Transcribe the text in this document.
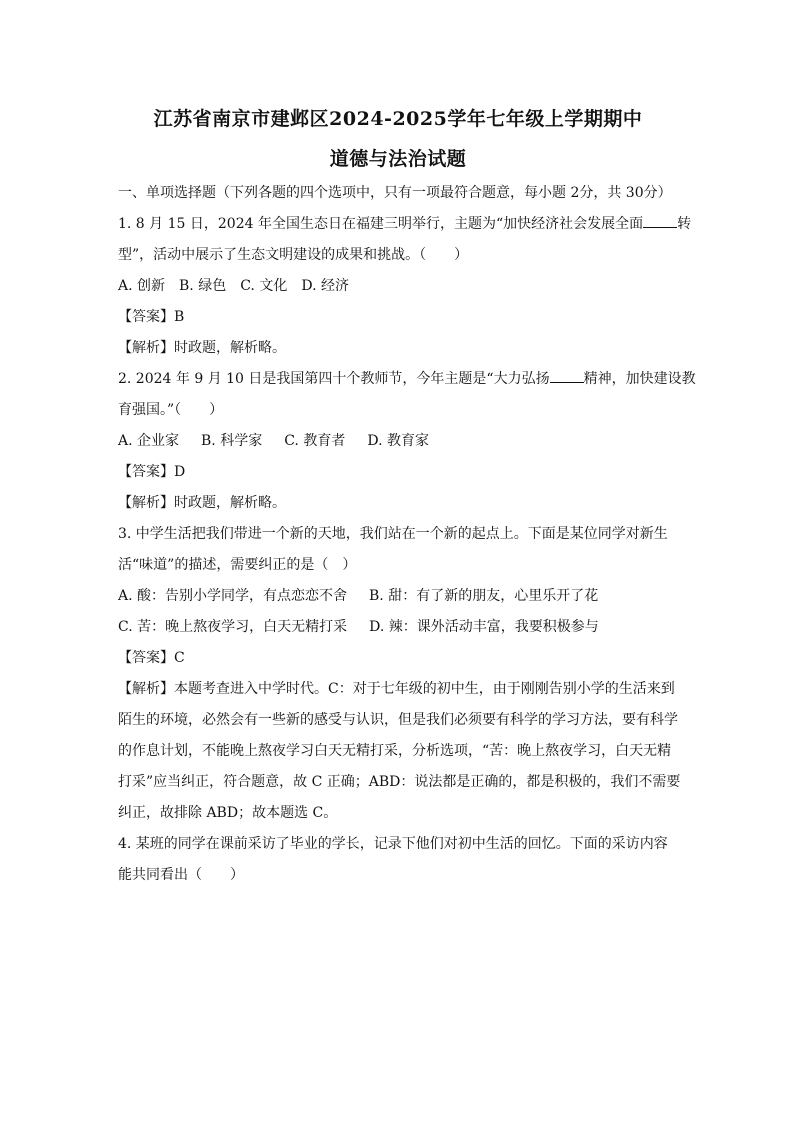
江苏省南京市建邺区2024-2025学年七年级上学期期中
道德与法治试题
一、单项选择题（下列各题的四个选项中，只有一项最符合题意，每小题 2分，共 30分）
1. 8 月 15 日，2024 年全国生态日在福建三明举行，主题为“加快经济社会发展全面 转
型”，活动中展示了生态文明建设的成果和挑战。（　　）
A. 创新 B. 绿色 C. 文化 D. 经济
【答案】B
【解析】时政题，解析略。
2. 2024 年 9 月 10 日是我国第四十个教师节，今年主题是“大力弘扬 精神，加快建设教
育强国。”（　　）
A. 企业家 B. 科学家 C. 教育者 D. 教育家
【答案】D
【解析】时政题，解析略。
3. 中学生活把我们带进一个新的天地，我们站在一个新的起点上。下面是某位同学对新生
活“味道”的描述，需要纠正的是（　）
A. 酸：告别小学同学，有点恋恋不舍 B. 甜：有了新的朋友，心里乐开了花
C. 苦：晚上熬夜学习，白天无精打采 D. 辣：课外活动丰富，我要积极参与
【答案】C
【解析】本题考查进入中学时代。C：对于七年级的初中生，由于刚刚告别小学的生活来到
陌生的环境，必然会有一些新的感受与认识，但是我们必须要有科学的学习方法，要有科学
的作息计划，不能晚上熬夜学习白天无精打采，分析选项，“苦：晚上熬夜学习，白天无精
打采”应当纠正，符合题意，故 C 正确；ABD：说法都是正确的，都是积极的，我们不需要
纠正，故排除 ABD；故本题选 C。
4. 某班的同学在课前采访了毕业的学长，记录下他们对初中生活的回忆。下面的采访内容
能共同看出（　　）
